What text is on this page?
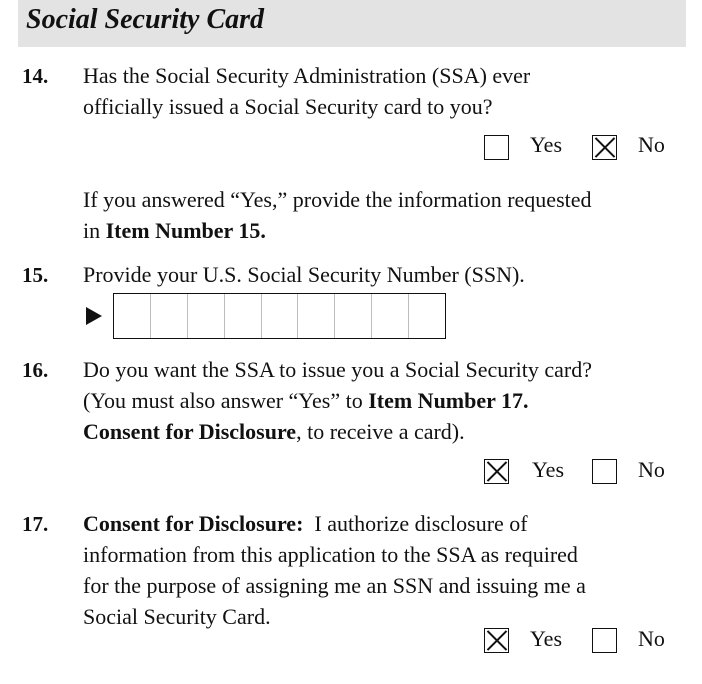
Social Security Card
14. Has the Social Security Administration (SSA) ever
officially issued a Social Security card to you?
Yes	No
If you answered “Yes,” provide the information requested
in Item Number 15.
15. Provide your U.S. Social Security Number (SSN).
16. Do you want the SSA to issue you a Social Security card?
(You must also answer “Yes” to Item Number 17.
Consent for Disclosure, to receive a card).
Yes	No
17. Consent for Disclosure:  I authorize disclosure of
information from this application to the SSA as required
for the purpose of assigning me an SSN and issuing me a
Social Security Card.
Yes	No
